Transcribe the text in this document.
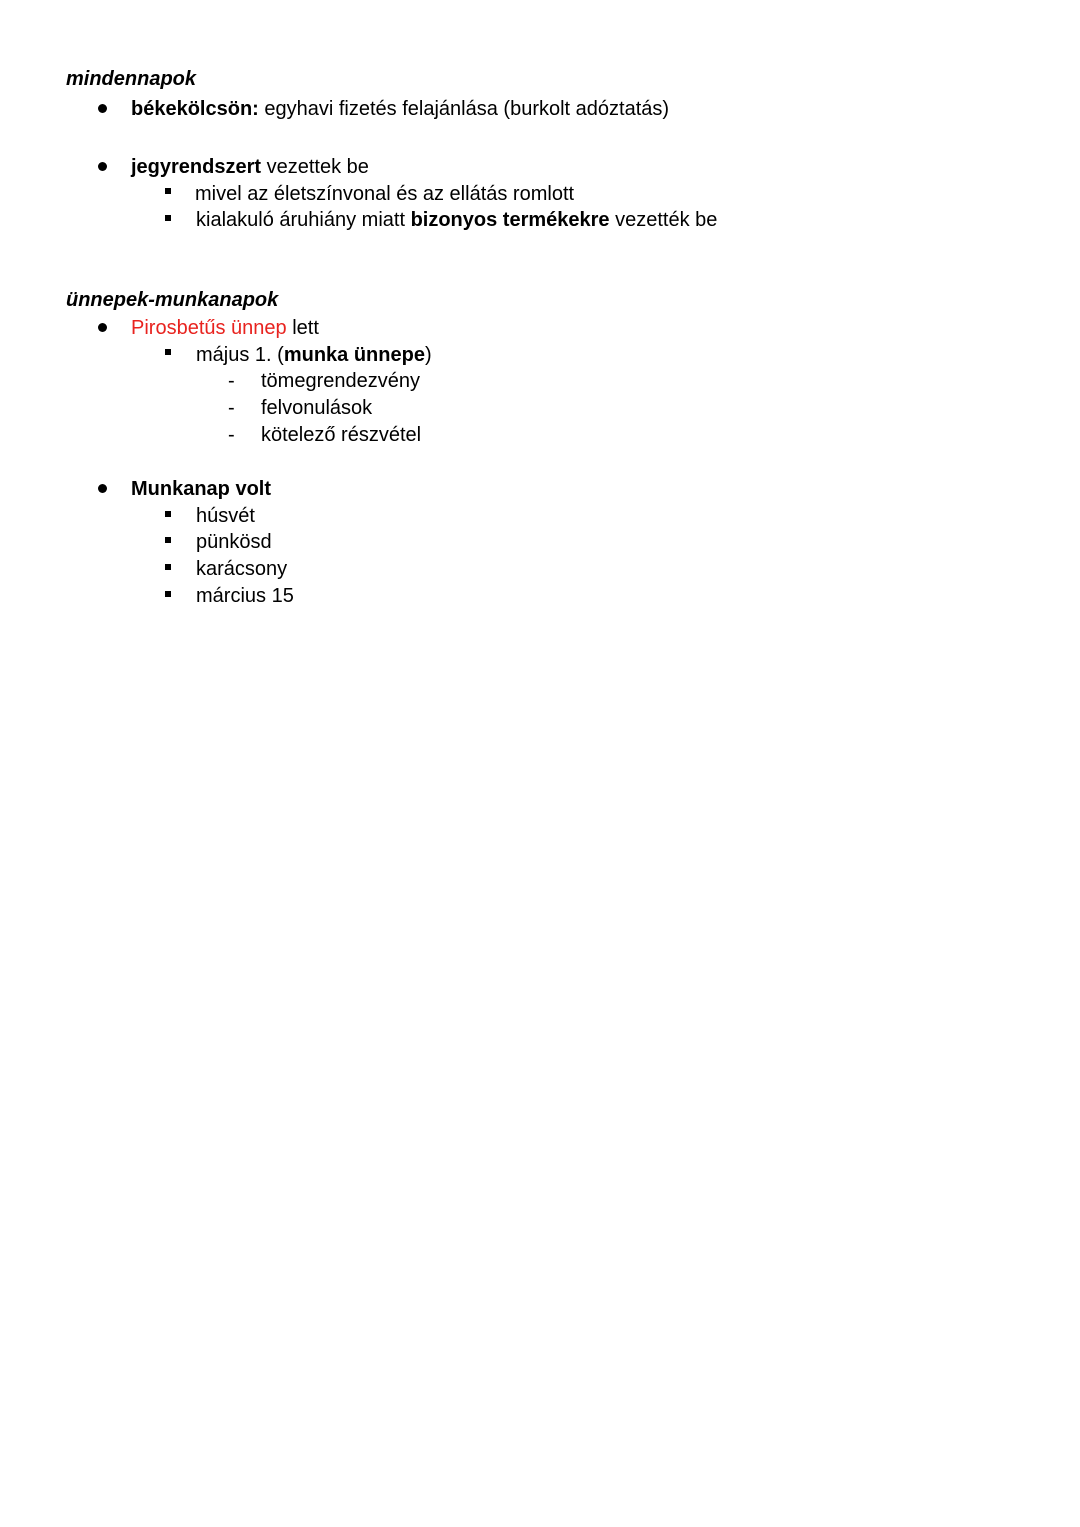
mindennapok
békekölcsön: egyhavi fizetés felajánlása (burkolt adóztatás)
jegyrendszert vezettek be
mivel az életszínvonal és az ellátás romlott
kialakuló áruhiány miatt bizonyos termékekre vezették be
ünnepek-munkanapok
Pirosbetűs ünnep lett
május 1. (munka ünnepe)
- tömegrendezvény
- felvonulások
- kötelező részvétel
Munkanap volt
húsvét
pünkösd
karácsony
március 15
